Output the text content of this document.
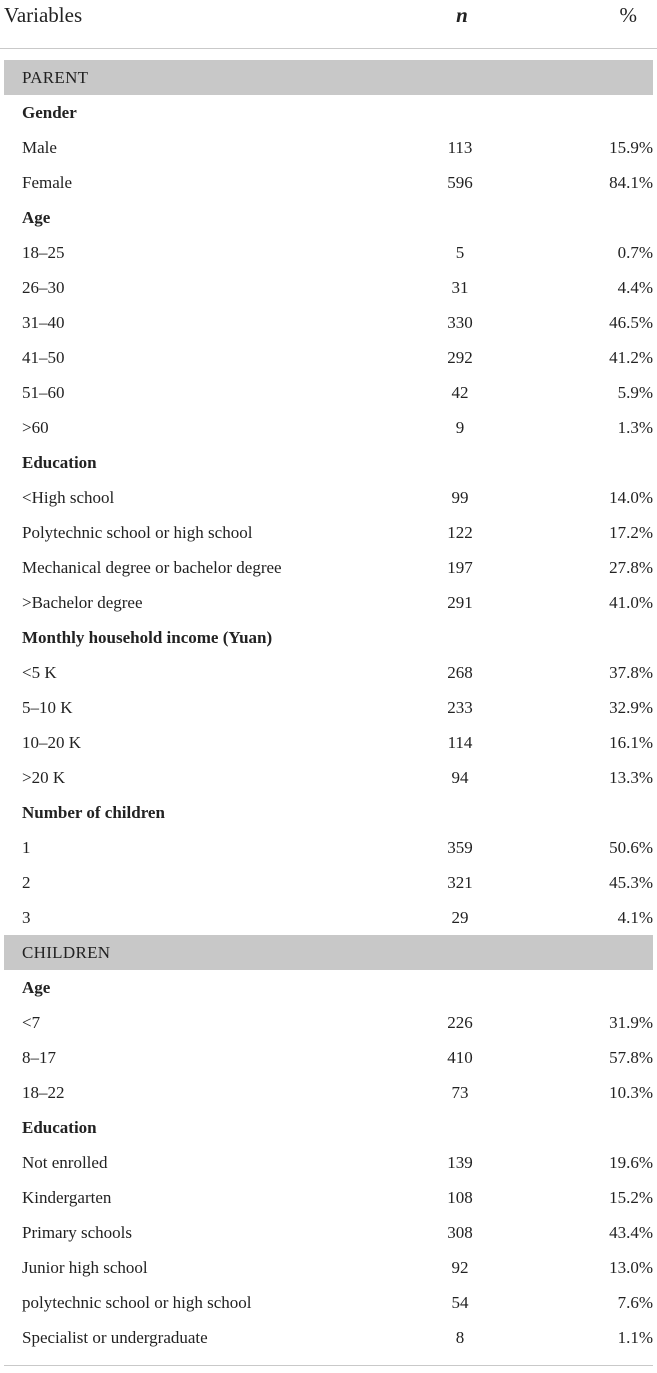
Variables	n	%
PARENT
Gender
Male	113	15.9%
Female	596	84.1%
Age
18–25	5	0.7%
26–30	31	4.4%
31–40	330	46.5%
41–50	292	41.2%
51–60	42	5.9%
>60	9	1.3%
Education
<High school	99	14.0%
Polytechnic school or high school	122	17.2%
Mechanical degree or bachelor degree	197	27.8%
>Bachelor degree	291	41.0%
Monthly household income (Yuan)
<5 K	268	37.8%
5–10 K	233	32.9%
10–20 K	114	16.1%
>20 K	94	13.3%
Number of children
1	359	50.6%
2	321	45.3%
3	29	4.1%
CHILDREN
Age
<7	226	31.9%
8–17	410	57.8%
18–22	73	10.3%
Education
Not enrolled	139	19.6%
Kindergarten	108	15.2%
Primary schools	308	43.4%
Junior high school	92	13.0%
polytechnic school or high school	54	7.6%
Specialist or undergraduate	8	1.1%
